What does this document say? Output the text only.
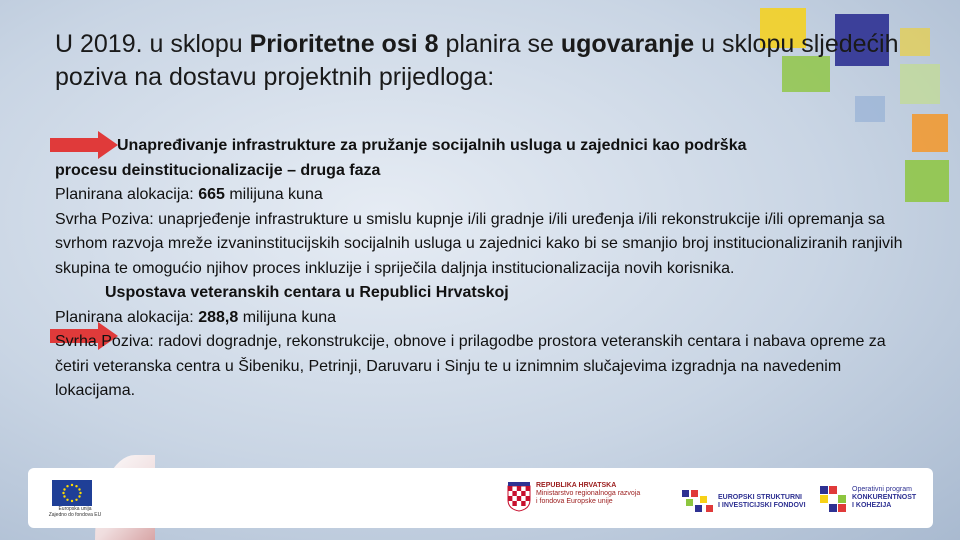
U 2019. u sklopu Prioritetne osi 8 planira se ugovaranje u sklopu sljedećih poziva na dostavu projektnih prijedloga:

Unapređivanje infrastrukture za pružanje socijalnih usluga u zajednici kao podrška

procesu deinstitucionalizacije – druga faza

Planirana alokacija: 665 milijuna kuna

Svrha Poziva: unaprjeđenje infrastrukture u smislu kupnje i/ili gradnje i/ili uređenja i/ili rekonstrukcije i/ili opremanja sa svrhom razvoja mreže izvaninstitucijskih socijalnih usluga u zajednici kako bi se smanjio broj institucionaliziranih ranjivih skupina te omogućio njihov proces inkluzije i spriječila daljnja institucionalizacija novih korisnika.

Uspostava veteranskih centara u Republici Hrvatskoj

Planirana alokacija: 288,8 milijuna kuna

Svrha Poziva: radovi dogradnje, rekonstrukcije, obnove i prilagodbe prostora veteranskih centara i nabava opreme za četiri veteranska centra u Šibeniku, Petrinji, Daruvaru i Sinju te u iznimnim slučajevima izgradnja na navedenim lokacijama.

Europska unija
Zajedno do fondova EU
REPUBLIKA HRVATSKA
Ministarstvo regionalnoga razvoja
i fondova Europske unije
EUROPSKI STRUKTURNI
I INVESTICIJSKI FONDOVI
Operativni program
KONKURENTNOST
I KOHEZIJA
